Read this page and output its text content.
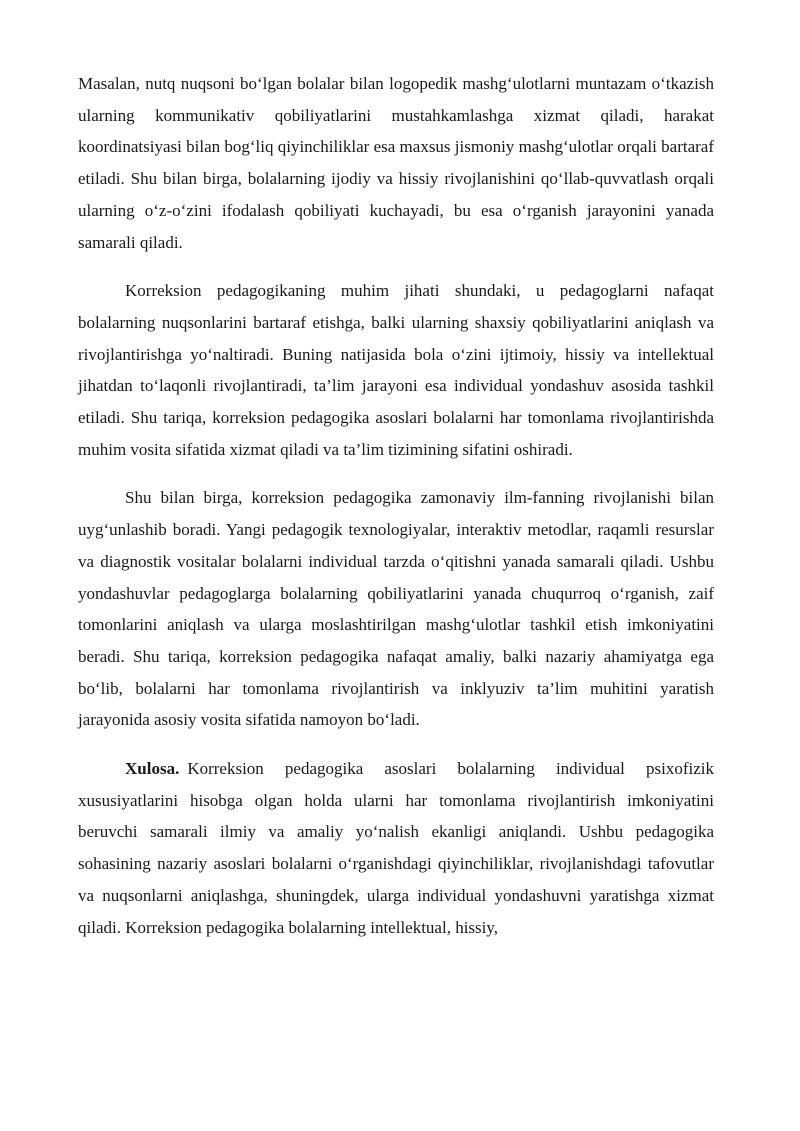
Masalan, nutq nuqsoni bo‘lgan bolalar bilan logopedik mashg‘ulotlarni muntazam o‘tkazish ularning kommunikativ qobiliyatlarini mustahkamlashga xizmat qiladi, harakat koordinatsiyasi bilan bog‘liq qiyinchiliklar esa maxsus jismoniy mashg‘ulotlar orqali bartaraf etiladi. Shu bilan birga, bolalarning ijodiy va hissiy rivojlanishini qo‘llab-quvvatlash orqali ularning o‘z-o‘zini ifodalash qobiliyati kuchayadi, bu esa o‘rganish jarayonini yanada samarali qiladi.

Korreksion pedagogikaning muhim jihati shundaki, u pedagoglarni nafaqat bolalarning nuqsonlarini bartaraf etishga, balki ularning shaxsiy qobiliyatlarini aniqlash va rivojlantirishga yo‘naltiradi. Buning natijasida bola o‘zini ijtimoiy, hissiy va intellektual jihatdan to‘laqonli rivojlantiradi, ta’lim jarayoni esa individual yondashuv asosida tashkil etiladi. Shu tariqa, korreksion pedagogika asoslari bolalarni har tomonlama rivojlantirishda muhim vosita sifatida xizmat qiladi va ta’lim tizimining sifatini oshiradi.

Shu bilan birga, korreksion pedagogika zamonaviy ilm-fanning rivojlanishi bilan uyg‘unlashib boradi. Yangi pedagogik texnologiyalar, interaktiv metodlar, raqamli resurslar va diagnostik vositalar bolalarni individual tarzda o‘qitishni yanada samarali qiladi. Ushbu yondashuvlar pedagoglarga bolalarning qobiliyatlarini yanada chuqurroq o‘rganish, zaif tomonlarini aniqlash va ularga moslashtirilgan mashg‘ulotlar tashkil etish imkoniyatini beradi. Shu tariqa, korreksion pedagogika nafaqat amaliy, balki nazariy ahamiyatga ega bo‘lib, bolalarni har tomonlama rivojlantirish va inklyuziv ta’lim muhitini yaratish jarayonida asosiy vosita sifatida namoyon bo‘ladi.

Xulosa. Korreksion pedagogika asoslari bolalarning individual psixofizik xususiyatlarini hisobga olgan holda ularni har tomonlama rivojlantirish imkoniyatini beruvchi samarali ilmiy va amaliy yo‘nalish ekanligi aniqlandi. Ushbu pedagogika sohasining nazariy asoslari bolalarni o‘rganishdagi qiyinchiliklar, rivojlanishdagi tafovutlar va nuqsonlarni aniqlashga, shuningdek, ularga individual yondashuvni yaratishga xizmat qiladi. Korreksion pedagogika bolalarning intellektual, hissiy,
